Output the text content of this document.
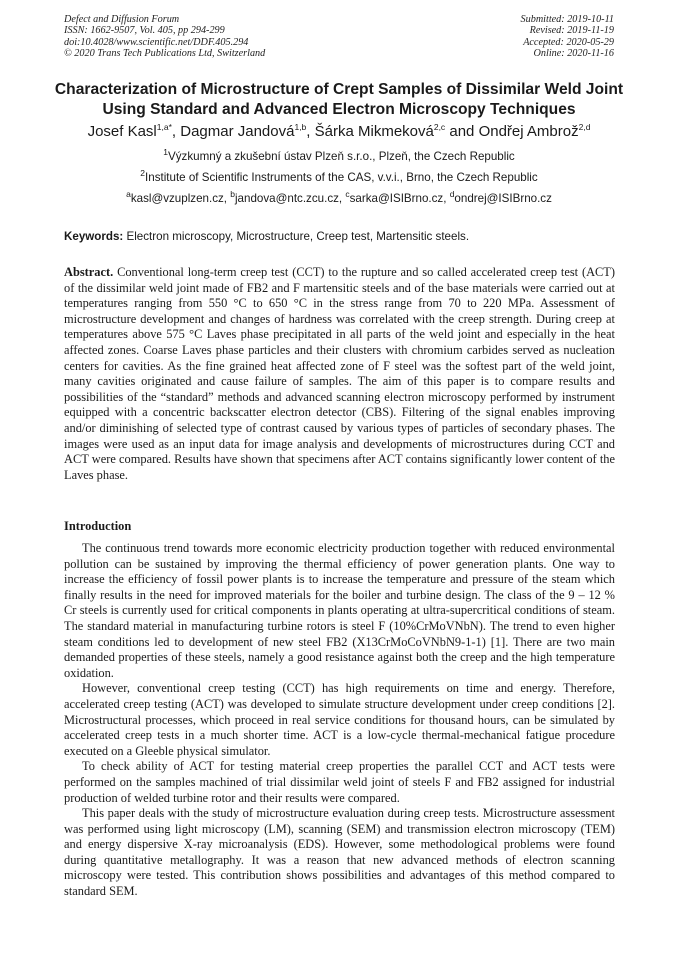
Defect and Diffusion Forum
ISSN: 1662-9507, Vol. 405, pp 294-299
doi:10.4028/www.scientific.net/DDF.405.294
© 2020 Trans Tech Publications Ltd, Switzerland
Submitted: 2019-10-11
Revised: 2019-11-19
Accepted: 2020-05-29
Online: 2020-11-16
Characterization of Microstructure of Crept Samples of Dissimilar Weld Joint Using Standard and Advanced Electron Microscopy Techniques
Josef Kasl$^{1,a*}$, Dagmar Jandová$^{1,b}$, Šárka Mikmeková$^{2,c}$ and Ondřej Ambrož$^{2,d}$
$^1$Výzkumný a zkušební ústav Plzeň s.r.o., Plzeň, the Czech Republic
$^2$Institute of Scientific Instruments of the CAS, v.v.i., Brno, the Czech Republic
$^a$kasl@vzuplzen.cz, $^b$jandova@ntc.zcu.cz, $^c$sarka@ISIBrno.cz, $^d$ondrej@ISIBrno.cz
Keywords: Electron microscopy, Microstructure, Creep test, Martensitic steels.

Abstract. Conventional long-term creep test (CCT) to the rupture and so called accelerated creep test (ACT) of the dissimilar weld joint made of FB2 and F martensitic steels and of the base materials were carried out at temperatures ranging from 550 °C to 650 °C in the stress range from 70 to 220 MPa. Assessment of microstructure development and changes of hardness was correlated with the creep strength. During creep at temperatures above 575 °C Laves phase precipitated in all parts of the weld joint and especially in the heat affected zones. Coarse Laves phase particles and their clusters with chromium carbides served as nucleation centers for cavities. As the fine grained heat affected zone of F steel was the softest part of the weld joint, many cavities originated and cause failure of samples. The aim of this paper is to compare results and possibilities of the “standard” methods and advanced scanning electron microscopy performed by instrument equipped with a concentric backscatter electron detector (CBS). Filtering of the signal enables improving and/or diminishing of selected type of contrast caused by various types of particles of secondary phases. The images were used as an input data for image analysis and developments of microstructures during CCT and ACT were compared. Results have shown that specimens after ACT contains significantly lower content of the Laves phase.

Introduction

The continuous trend towards more economic electricity production together with reduced environmental pollution can be sustained by improving the thermal efficiency of power generation plants. One way to increase the efficiency of fossil power plants is to increase the temperature and pressure of the steam which finally results in the need for improved materials for the boiler and turbine design. The class of the 9 – 12 % Cr steels is currently used for critical components in plants operating at ultra-supercritical conditions of steam. The standard material in manufacturing turbine rotors is steel F (10%CrMoVNbN). The trend to even higher steam conditions led to development of new steel FB2 (X13CrMoCoVNbN9-1-1) [1]. There are two main demanded properties of these steels, namely a good resistance against both the creep and the high temperature oxidation.

However, conventional creep testing (CCT) has high requirements on time and energy. Therefore, accelerated creep testing (ACT) was developed to simulate structure development under creep conditions [2]. Microstructural processes, which proceed in real service conditions for thousand hours, can be simulated by accelerated creep tests in a much shorter time. ACT is a low-cycle thermal-mechanical fatigue procedure executed on a Gleeble physical simulator.

To check ability of ACT for testing material creep properties the parallel CCT and ACT tests were performed on the samples machined of trial dissimilar weld joint of steels F and FB2 assigned for industrial production of welded turbine rotor and their results were compared.

This paper deals with the study of microstructure evaluation during creep tests. Microstructure assessment was performed using light microscopy (LM), scanning (SEM) and transmission electron microscopy (TEM) and energy dispersive X-ray microanalysis (EDS). However, some methodological problems were found during quantitative metallography. It was a reason that new advanced methods of electron scanning microscopy were tested. This contribution shows possibilities and advantages of this method compared to standard SEM.
